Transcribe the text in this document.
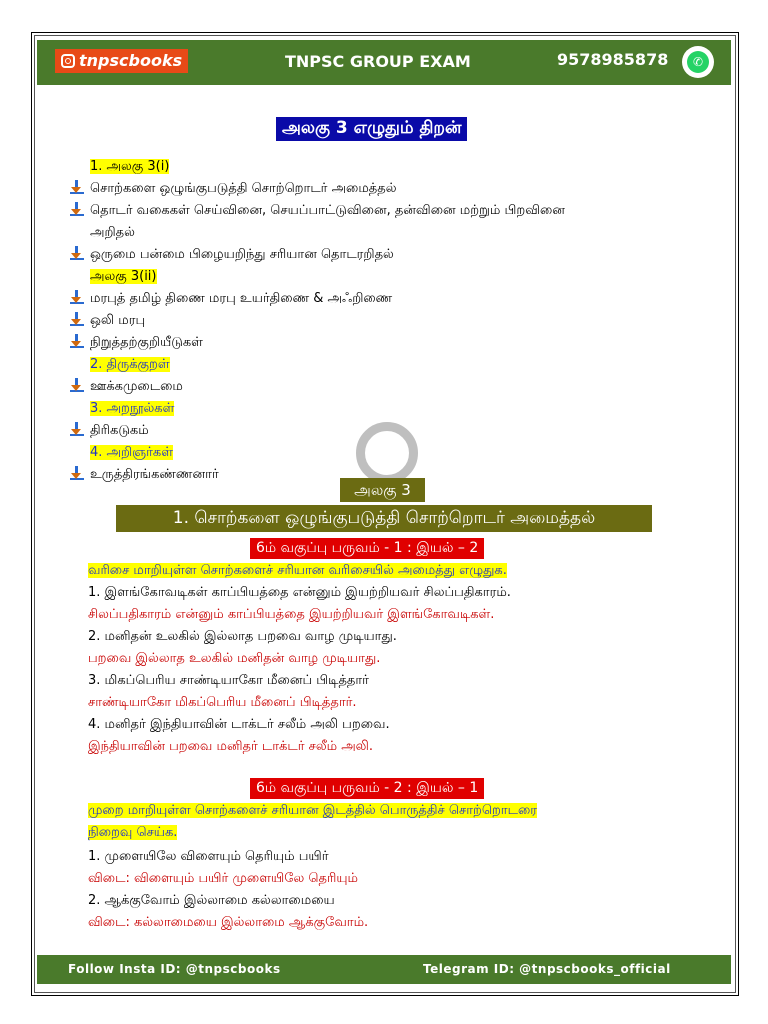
tnpscbooks	TNPSC GROUP EXAM	9578985878	✆
அலகு 3 எழுதும் திறன்
1. அலகு 3(i)
சொற்களை ஒழுங்குபடுத்தி சொற்றொடர் அமைத்தல்
தொடர் வகைகள் செய்வினை, செயப்பாட்டுவினை, தன்வினை மற்றும் பிறவினை
அறிதல்
ஒருமை பன்மை பிழையறிந்து சரியான தொடரறிதல்
அலகு 3(ii)
மரபுத் தமிழ் திணை மரபு உயர்திணை & அஃறிணை
ஒலி மரபு
நிறுத்தற்குறியீடுகள்
2. திருக்குறள்
ஊக்கமுடைமை
3. அறநூல்கள்
திரிகடுகம்
4. அறிஞர்கள்
உருத்திரங்கண்ணனார்
அலகு 3
1. சொற்களை ஒழுங்குபடுத்தி சொற்றொடர் அமைத்தல்
6ம் வகுப்பு பருவம் - 1 : இயல் – 2
வரிசை மாறியுள்ள சொற்களைச் சரியான வரிசையில் அமைத்து எழுதுக.
1. இளங்கோவடிகள் காப்பியத்தை என்னும் இயற்றியவர் சிலப்பதிகாரம்.
சிலப்பதிகாரம் என்னும் காப்பியத்தை இயற்றியவர் இளங்கோவடிகள்.
2. மனிதன் உலகில் இல்லாத பறவை வாழ முடியாது.
பறவை இல்லாத உலகில் மனிதன் வாழ முடியாது.
3. மிகப்பெரிய சாண்டியாகோ மீனைப் பிடித்தார்
சாண்டியாகோ மிகப்பெரிய மீனைப் பிடித்தார்.
4. மனிதர் இந்தியாவின் டாக்டர் சலீம் அலி பறவை.
இந்தியாவின் பறவை மனிதர் டாக்டர் சலீம் அலி.
6ம் வகுப்பு பருவம் - 2 : இயல் – 1
முறை மாறியுள்ள சொற்களைச் சரியான இடத்தில் பொருத்திச் சொற்றொடரை
நிறைவு செய்க.
1. முளையிலே விளையும் தெரியும் பயிர்
விடை: விளையும் பயிர் முளையிலே தெரியும்
2. ஆக்குவோம் இல்லாமை கல்லாமையை
விடை: கல்லாமையை இல்லாமை ஆக்குவோம்.
Follow Insta ID: @tnpscbooks	Telegram ID: @tnpscbooks_official
